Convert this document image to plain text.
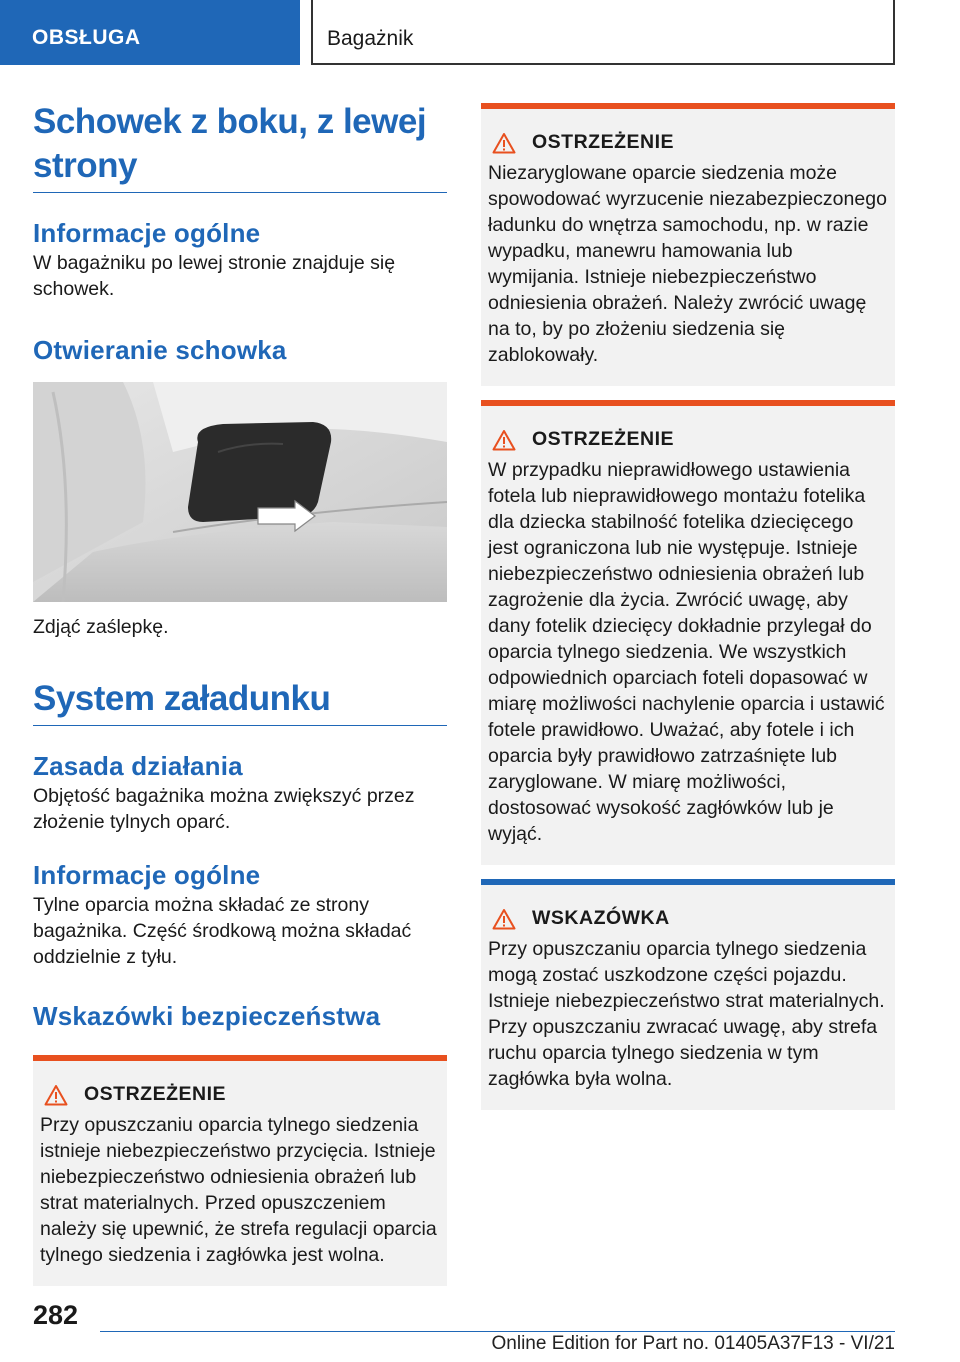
OBSŁUGA	Bagażnik
Schowek z boku, z lewej strony
Informacje ogólne

W bagażniku po lewej stronie znajduje się schowek.

Otwieranie schowka

Zdjąć zaślepkę.

System załadunku
Zasada działania

Objętość bagażnika można zwiększyć przez złożenie tylnych oparć.

Informacje ogólne

Tylne oparcia można składać ze strony bagażnika. Część środkową można składać oddzielnie z tyłu.

Wskazówki bezpieczeństwa
OSTRZEŻENIE

Przy opuszczaniu oparcia tylnego siedzenia istnieje niebezpieczeństwo przycięcia. Istnieje niebezpieczeństwo odniesienia obrażeń lub strat materialnych. Przed opuszczeniem należy się upewnić, że strefa regulacji oparcia tylnego siedzenia i zagłówka jest wolna.

OSTRZEŻENIE

Niezaryglowane oparcie siedzenia może spowodować wyrzucenie niezabezpieczonego ładunku do wnętrza samochodu, np. w razie wypadku, manewru hamowania lub wymijania. Istnieje niebezpieczeństwo odniesienia obrażeń. Należy zwrócić uwagę na to, by po złożeniu siedzenia się zablokowały.

OSTRZEŻENIE

W przypadku nieprawidłowego ustawienia fotela lub nieprawidłowego montażu fotelika dla dziecka stabilność fotelika dziecięcego jest ograniczona lub nie występuje. Istnieje niebezpieczeństwo odniesienia obrażeń lub zagrożenie dla życia. Zwrócić uwagę, aby dany fotelik dziecięcy dokładnie przylegał do oparcia tylnego siedzenia. We wszystkich odpowiednich oparciach foteli dopasować w miarę możliwości nachylenie oparcia i ustawić fotele prawidłowo. Uważać, aby fotele i ich oparcia były prawidłowo zatrzaśnięte lub zaryglowane. W miarę możliwości, dostosować wysokość zagłówków lub je wyjąć.

WSKAZÓWKA

Przy opuszczaniu oparcia tylnego siedzenia mogą zostać uszkodzone części pojazdu. Istnieje niebezpieczeństwo strat materialnych. Przy opuszczaniu zwracać uwagę, aby strefa ruchu oparcia tylnego siedzenia w tym zagłówka była wolna.

282
Online Edition for Part no. 01405A37F13 - VI/21
